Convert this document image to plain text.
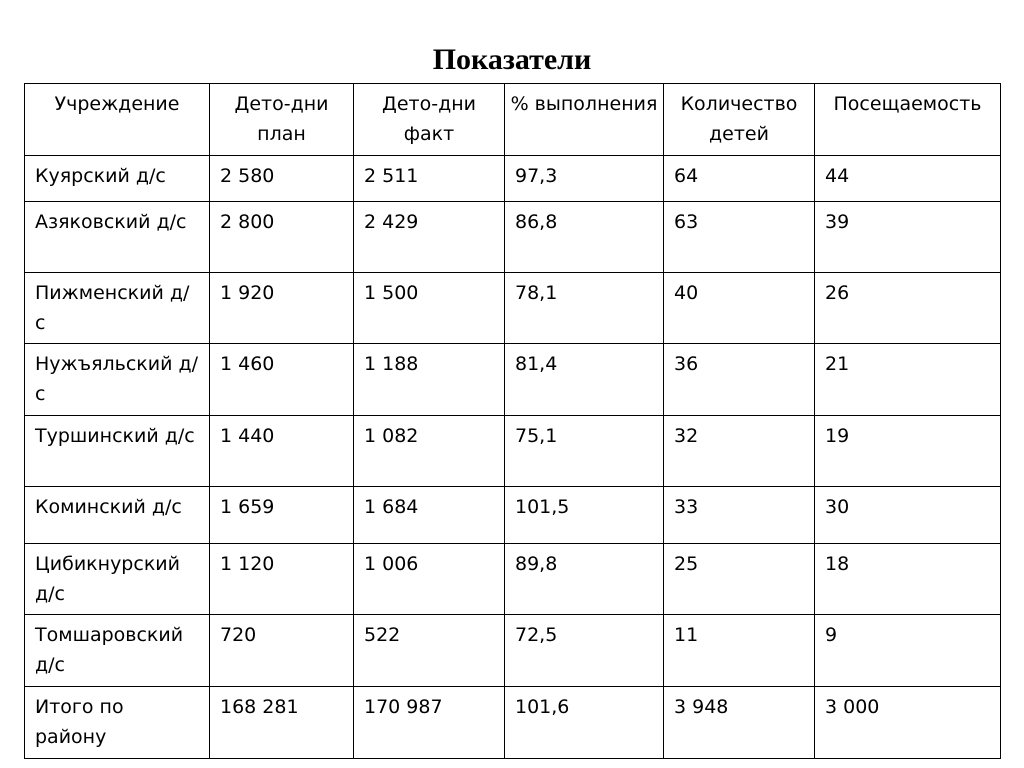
Показатели
Учреждение	Дето-дни план	Дето-дни факт	% выполнения	Количество детей	Посещаемость
Куярский д/с	2 580	2 511	97,3	64	44
Азяковский д/с	2 800	2 429	86,8	63	39
Пижменский д/с	1 920	1 500	78,1	40	26
Нужъяльский д/с	1 460	1 188	81,4	36	21
Туршинский д/с	1 440	1 082	75,1	32	19
Коминский д/с	1 659	1 684	101,5	33	30
Цибикнурский д/с	1 120	1 006	89,8	25	18
Томшаровский д/с	720	522	72,5	11	9
Итого по району	168 281	170 987	101,6	3 948	3 000
